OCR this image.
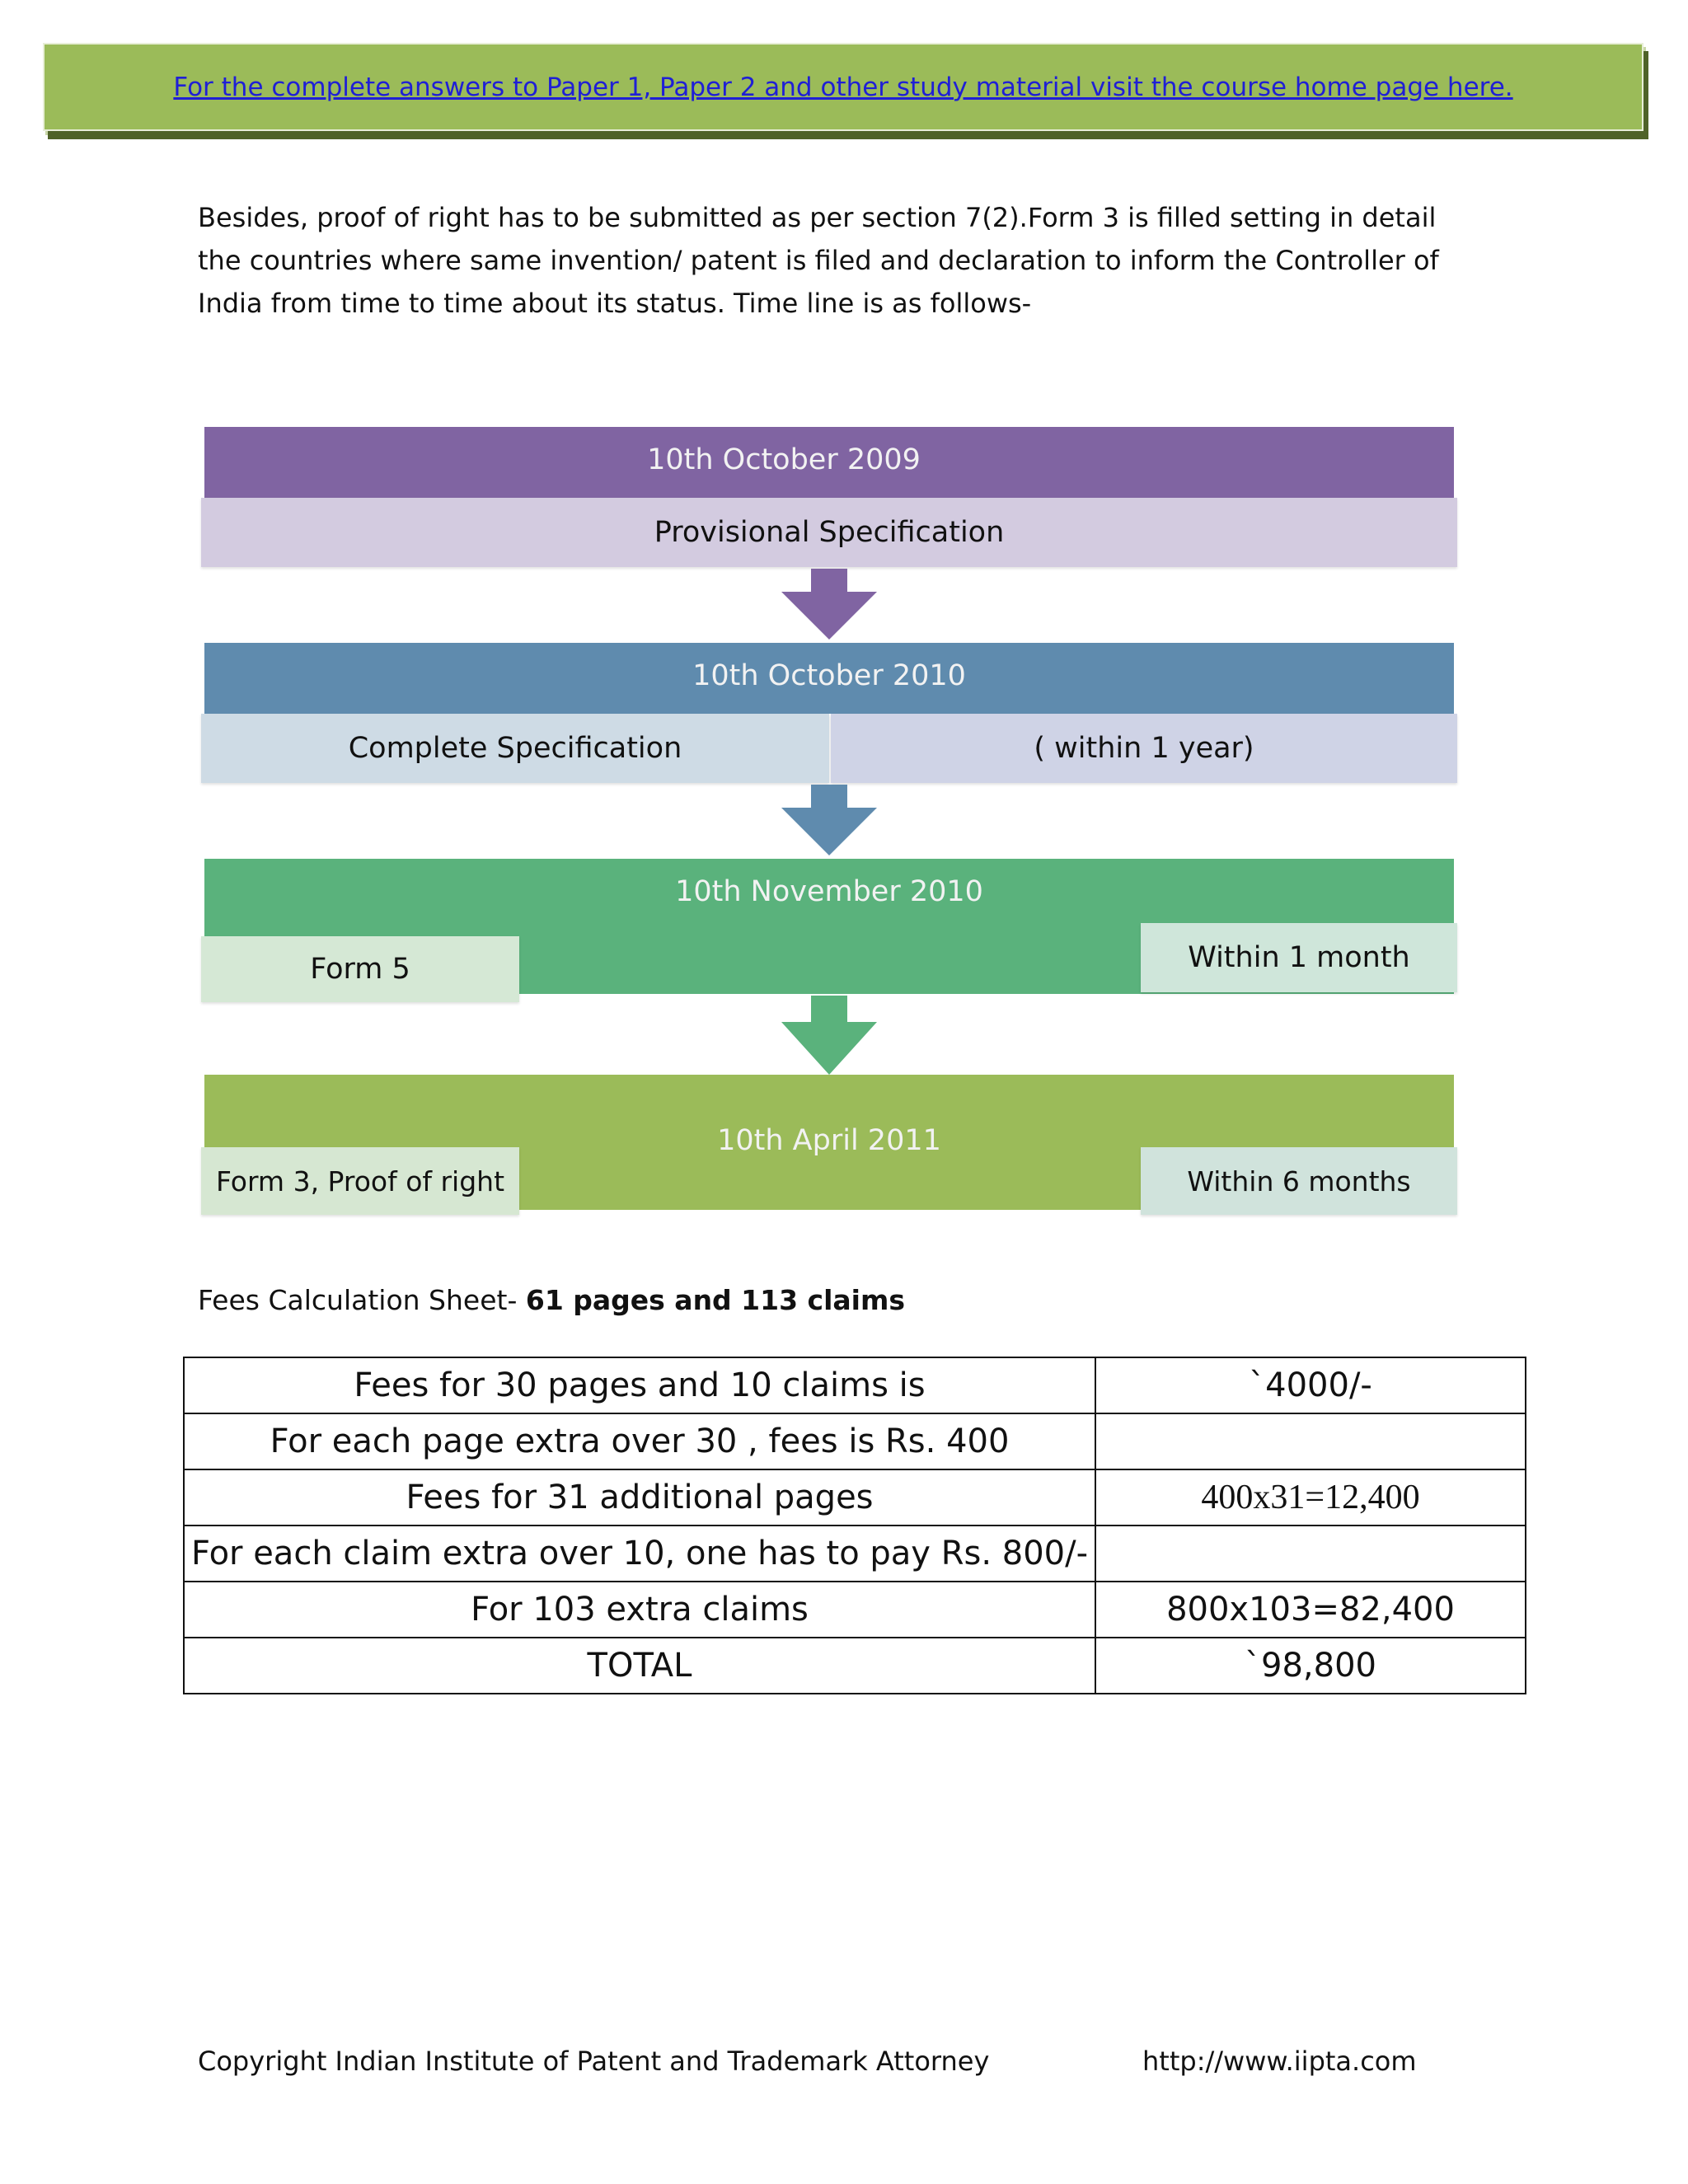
For the complete answers to Paper 1, Paper 2 and other study material visit the course home page here.
Besides, proof of right has to be submitted as per section 7(2).Form 3 is filled setting in detail the countries where same invention/ patent is filed and declaration to inform the Controller of India from time to time about its status. Time line is as follows-
10th October 2009
Provisional Specification
10th October 2010
Complete Specification	( within 1 year)
10th November 2010
Form 5	Within 1 month
10th April 2011
Form 3, Proof of right	Within 6 months
Fees Calculation Sheet- 61 pages and 113 claims
Fees for 30 pages and 10 claims is	`4000/-
For each page extra over 30 , fees is Rs. 400	
Fees for 31 additional pages	400x31=12,400
For each claim extra over 10, one has to pay Rs. 800/-	
For 103 extra claims	800x103=82,400
TOTAL	`98,800
Copyright Indian Institute of Patent and Trademark Attorney	http://www.iipta.com
